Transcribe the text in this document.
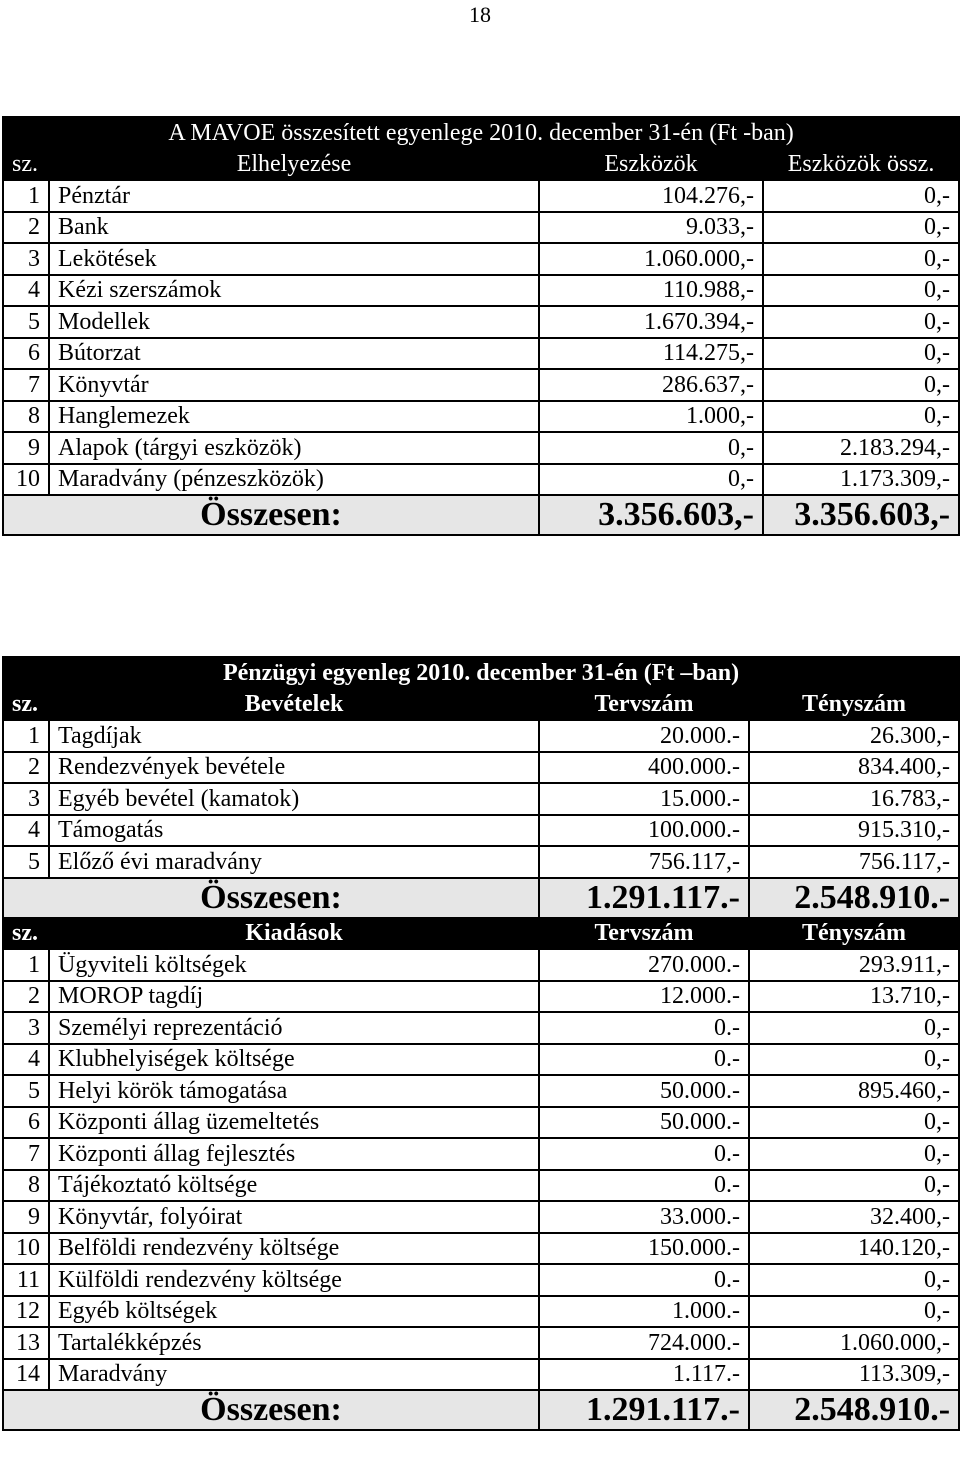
18
A MAVOE összesített egyenlege 2010. december 31-én (Ft -ban)			
sz.	Elhelyezése	Eszközök	Eszközök össz.
1	Pénztár	104.276,-	0,-
2	Bank	9.033,-	0,-
3	Lekötések	1.060.000,-	0,-
4	Kézi szerszámok	110.988,-	0,-
5	Modellek	1.670.394,-	0,-
6	Bútorzat	114.275,-	0,-
7	Könyvtár	286.637,-	0,-
8	Hanglemezek	1.000,-	0,-
9	Alapok (tárgyi eszközök)	0,-	2.183.294,-
10	Maradvány (pénzeszközök)	0,-	1.173.309,-
Összesen:		3.356.603,-	3.356.603,-
Pénzügyi egyenleg 2010. december 31-én (Ft –ban)			
sz.	Bevételek	Tervszám	Tényszám
1	Tagdíjak	20.000.-	26.300,-
2	Rendezvények bevétele	400.000.-	834.400,-
3	Egyéb bevétel (kamatok)	15.000.-	16.783,-
4	Támogatás	100.000.-	915.310,-
5	Előző évi maradvány	756.117,-	756.117,-
Összesen:		1.291.117.-	2.548.910.-
sz.	Kiadások	Tervszám	Tényszám
1	Ügyviteli költségek	270.000.-	293.911,-
2	MOROP tagdíj	12.000.-	13.710,-
3	Személyi reprezentáció	0.-	0,-
4	Klubhelyiségek költsége	0.-	0,-
5	Helyi körök támogatása	50.000.-	895.460,-
6	Központi állag üzemeltetés	50.000.-	0,-
7	Központi állag fejlesztés	0.-	0,-
8	Tájékoztató költsége	0.-	0,-
9	Könyvtár, folyóirat	33.000.-	32.400,-
10	Belföldi rendezvény költsége	150.000.-	140.120,-
11	Külföldi rendezvény költsége	0.-	0,-
12	Egyéb költségek	1.000.-	0,-
13	Tartalékképzés	724.000.-	1.060.000,-
14	Maradvány	1.117.-	113.309,-
Összesen:		1.291.117.-	2.548.910.-
